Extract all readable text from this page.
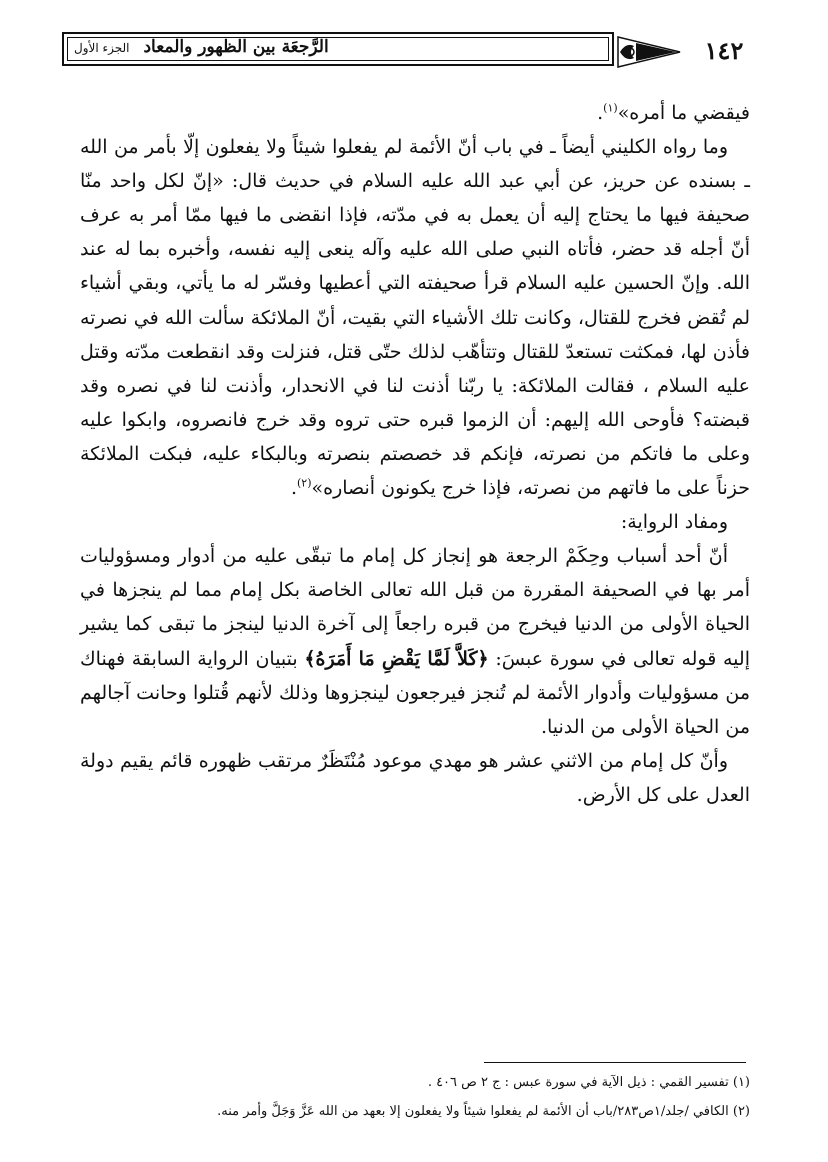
الرَّجعَة بين الظهور والمعاد الجزء الأول	١٤٢

فيقضي ما أمره»$^{(١)}$.

وما رواه الكليني أيضاً ـ في باب أنّ الأئمة لم يفعلوا شيئاً ولا يفعلون إلّا بأمر من الله ـ بسنده عن حريز، عن أبي عبد الله عليه السلام في حديث قال: «إنّ لكل واحد منّا صحيفة فيها ما يحتاج إليه أن يعمل به في مدّته، فإذا انقضى ما فيها ممّا أمر به عرف أنّ أجله قد حضر، فأتاه النبي صلى الله عليه وآله ينعى إليه نفسه، وأخبره بما له عند الله. وإنّ الحسين عليه السلام قرأ صحيفته التي أعطيها وفسّر له ما يأتي، وبقي أشياء لم تُقض فخرج للقتال، وكانت تلك الأشياء التي بقيت، أنّ الملائكة سألت الله في نصرته فأذن لها، فمكثت تستعدّ للقتال وتتأهّب لذلك حتّى قتل، فنزلت وقد انقطعت مدّته وقتل عليه السلام ، فقالت الملائكة: يا ربّنا أذنت لنا في الانحدار، وأذنت لنا في نصره وقد قبضته؟ فأوحى الله إليهم: أن الزموا قبره حتى تروه وقد خرج فانصروه، وابكوا عليه وعلى ما فاتكم من نصرته، فإنكم قد خصصتم بنصرته وبالبكاء عليه، فبكت الملائكة حزناً على ما فاتهم من نصرته، فإذا خرج يكونون أنصاره»$^{(٢)}$.

ومفاد الرواية:

أنّ أحد أسباب وحِكَمْ الرجعة هو إنجاز كل إمام ما تبقّى عليه من أدوار ومسؤوليات أمر بها في الصحيفة المقررة من قبل الله تعالى الخاصة بكل إمام مما لم ينجزها في الحياة الأولى من الدنيا فيخرج من قبره راجعاً إلى آخرة الدنيا لينجز ما تبقى كما يشير إليه قوله تعالى في سورة عبسَ: ﴿كَلاَّ لَمَّا يَقْضِ مَا أَمَرَهُ﴾ بتبيان الرواية السابقة فهناك من مسؤوليات وأدوار الأئمة لم تُنجز فيرجعون لينجزوها وذلك لأنهم قُتلوا وحانت آجالهم من الحياة الأولى من الدنيا.

وأنّ كل إمام من الاثني عشر هو مهدي موعود مُنْتَظَرٌ مرتقب ظهوره قائم يقيم دولة العدل على كل الأرض.

(١) تفسير القمي : ذيل الآية في سورة عبس : ج ٢ ص ٤٠٦ .

(٢) الكافي /جلد/١ص٢٨٣/باب أن الأئمة لم يفعلوا شيئاً ولا يفعلون إلا بعهد من الله عَزَّ وَجَلَّ وأمر منه.
